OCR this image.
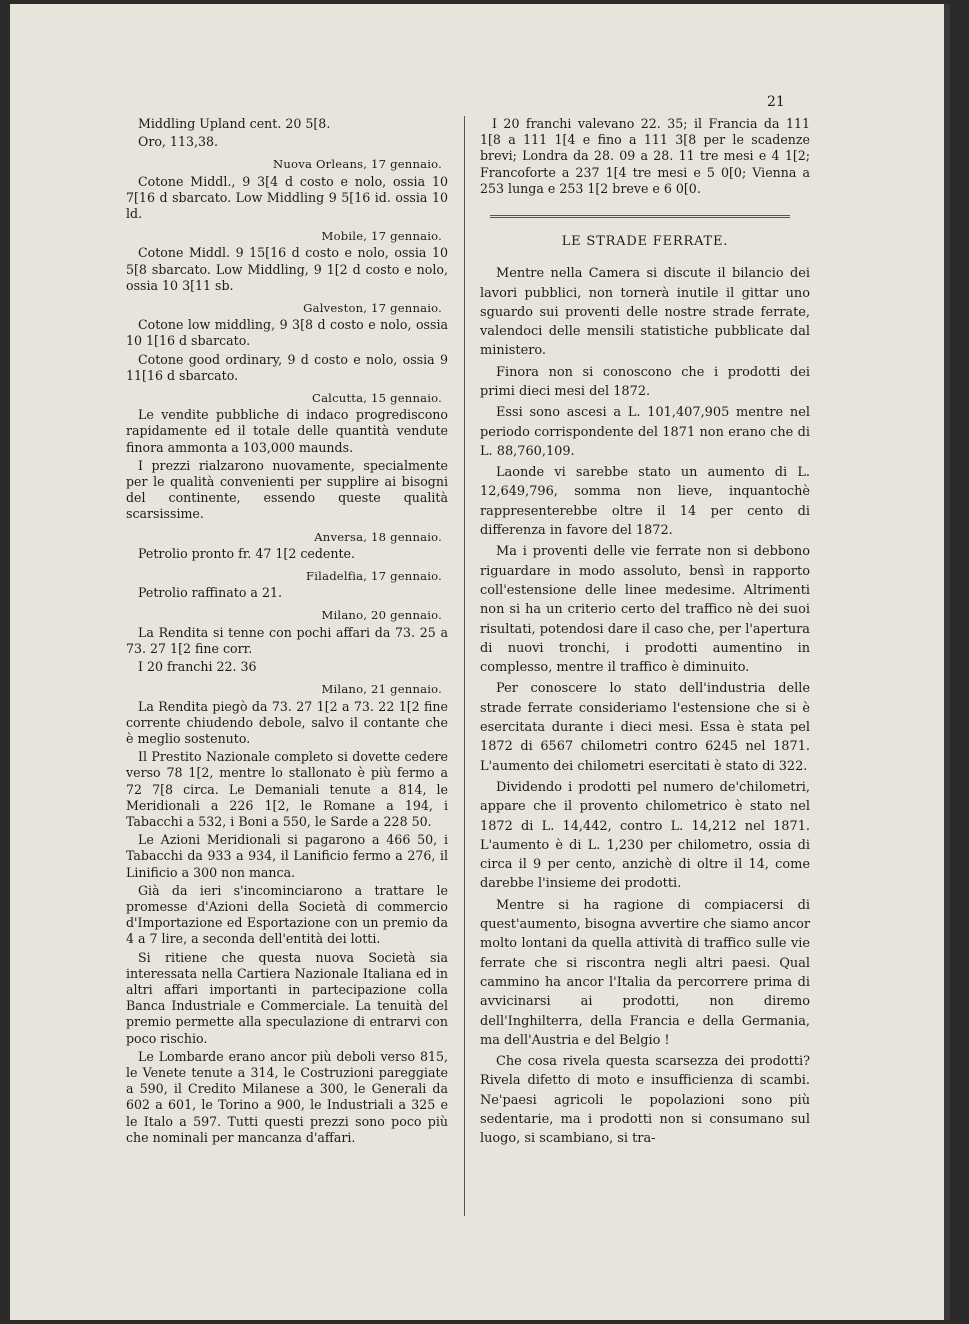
21

Middling Upland cent. 20 5[8.

Oro, 113,38.

Nuova Orleans, 17 gennaio.

Cotone Middl., 9 3[4 d costo e nolo, ossia 10 7[16 d sbarcato. Low Middling 9 5[16 id. ossia 10 ld.

Mobile, 17 gennaio.

Cotone Middl. 9 15[16 d costo e nolo, ossia 10 5[8 sbarcato. Low Middling, 9 1[2 d costo e nolo, ossia 10 3[11 sb.

Galveston, 17 gennaio.

Cotone low middling, 9 3[8 d costo e nolo, ossia 10 1[16 d sbarcato.

Cotone good ordinary, 9 d costo e nolo, ossia 9 11[16 d sbarcato.

Calcutta, 15 gennaio.

Le vendite pubbliche di indaco progrediscono rapidamente ed il totale delle quantità vendute finora ammonta a 103,000 maunds.

I prezzi rialzarono nuovamente, specialmente per le qualità convenienti per supplire ai bisogni del continente, essendo queste qualità scarsissime.

Anversa, 18 gennaio.

Petrolio pronto fr. 47 1[2 cedente.

Filadelfia, 17 gennaio.

Petrolio raffinato a 21.

Milano, 20 gennaio.

La Rendita si tenne con pochi affari da 73. 25 a 73. 27 1[2 fine corr.

I 20 franchi 22. 36

Milano, 21 gennaio.

La Rendita piegò da 73. 27 1[2 a 73. 22 1[2 fine corrente chiudendo debole, salvo il contante che è meglio sostenuto.

Il Prestito Nazionale completo si dovette cedere verso 78 1[2, mentre lo stallonato è più fermo a 72 7[8 circa. Le Demaniali tenute a 814, le Meridionali a 226 1[2, le Romane a 194, i Tabacchi a 532, i Boni a 550, le Sarde a 228 50.

Le Azioni Meridionali si pagarono a 466 50, i Tabacchi da 933 a 934, il Lanificio fermo a 276, il Linificio a 300 non manca.

Già da ieri s'incominciarono a trattare le promesse d'Azioni della Società di commercio d'Importazione ed Esportazione con un premio da 4 a 7 lire, a seconda dell'entità dei lotti.

Si ritiene che questa nuova Società sia interessata nella Cartiera Nazionale Italiana ed in altri affari importanti in partecipazione colla Banca Industriale e Commerciale. La tenuità del premio permette alla speculazione di entrarvi con poco rischio.

Le Lombarde erano ancor più deboli verso 815, le Venete tenute a 314, le Costruzioni pareggiate a 590, il Credito Milanese a 300, le Generali da 602 a 601, le Torino a 900, le Industriali a 325 e le Italo a 597. Tutti questi prezzi sono poco più che nominali per mancanza d'affari.

I 20 franchi valevano 22. 35; il Francia da 111 1[8 a 111 1[4 e fino a 111 3[8 per le scadenze brevi; Londra da 28. 09 a 28. 11 tre mesi e 4 1[2; Francoforte a 237 1[4 tre mesi e 5 0[0; Vienna a 253 lunga e 253 1[2 breve e 6 0[0.

LE STRADE FERRATE.

Mentre nella Camera si discute il bilancio dei lavori pubblici, non tornerà inutile il gittar uno sguardo sui proventi delle nostre strade ferrate, valendoci delle mensili statistiche pubblicate dal ministero.

Finora non si conoscono che i prodotti dei primi dieci mesi del 1872.

Essi sono ascesi a L. 101,407,905 mentre nel periodo corrispondente del 1871 non erano che di L. 88,760,109.

Laonde vi sarebbe stato un aumento di L. 12,649,796, somma non lieve, inquantochè rappresenterebbe oltre il 14 per cento di differenza in favore del 1872.

Ma i proventi delle vie ferrate non si debbono riguardare in modo assoluto, bensì in rapporto coll'estensione delle linee medesime. Altrimenti non si ha un criterio certo del traffico nè dei suoi risultati, potendosi dare il caso che, per l'apertura di nuovi tronchi, i prodotti aumentino in complesso, mentre il traffico è diminuito.

Per conoscere lo stato dell'industria delle strade ferrate consideriamo l'estensione che si è esercitata durante i dieci mesi. Essa è stata pel 1872 di 6567 chilometri contro 6245 nel 1871. L'aumento dei chilometri esercitati è stato di 322.

Dividendo i prodotti pel numero de'chilometri, appare che il provento chilometrico è stato nel 1872 di L. 14,442, contro L. 14,212 nel 1871. L'aumento è di L. 1,230 per chilometro, ossia di circa il 9 per cento, anzichè di oltre il 14, come darebbe l'insieme dei prodotti.

Mentre si ha ragione di compiacersi di quest'aumento, bisogna avvertire che siamo ancor molto lontani da quella attività di traffico sulle vie ferrate che si riscontra negli altri paesi. Qual cammino ha ancor l'Italia da percorrere prima di avvicinarsi ai prodotti, non diremo dell'Inghilterra, della Francia e della Germania, ma dell'Austria e del Belgio !

Che cosa rivela questa scarsezza dei prodotti? Rivela difetto di moto e insufficienza di scambi. Ne'paesi agricoli le popolazioni sono più sedentarie, ma i prodotti non si consumano sul luogo, si scambiano, si tra-
